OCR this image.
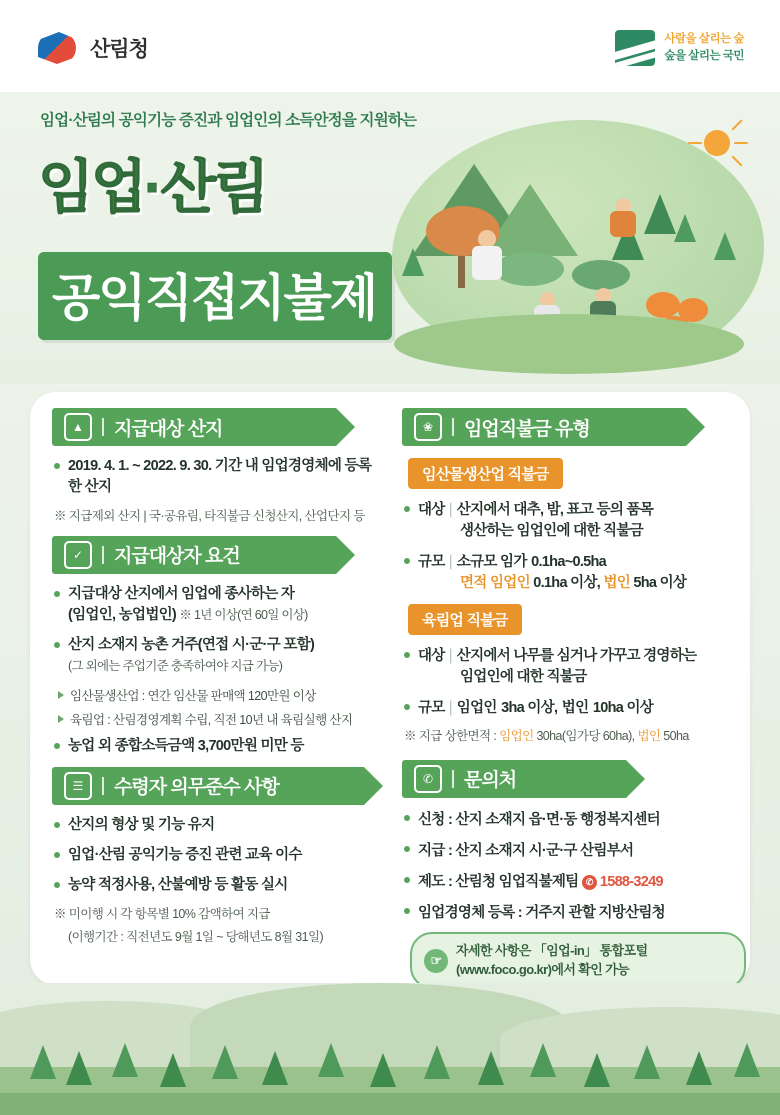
산림청	사람을 살리는 숲
숲을 살리는 국민
임업·산림의 공익기능 증진과 임업인의 소득안정을 지원하는
임업·산림
공익직접지불제
▲	지급대상 산지
2019. 4. 1. ~ 2022. 9. 30. 기간 내 임업경영체에 등록한 산지
※ 지급제외 산지 | 국·공유림, 타직불금 신청산지, 산업단지 등
✓	지급대상자 요건
지급대상 산지에서 임업에 종사하는 자
(임업인, 농업법인) ※ 1년 이상(연 60일 이상)
산지 소재지 농촌 거주(연접 시·군·구 포함)
(그 외에는 주업기준 충족하여야 지급 가능)
임산물생산업 : 연간 임산물 판매액 120만원 이상
육림업 : 산림경영계획 수립, 직전 10년 내 육림실행 산지
농업 외 종합소득금액 3,700만원 미만 등
☰	수령자 의무준수 사항
산지의 형상 및 기능 유지
임업·산림 공익기능 증진 관련 교육 이수
농약 적정사용, 산불예방 등 활동 실시
※ 미이행 시 각 항목별 10% 감액하여 지급
(이행기간 : 직전년도 9월 1일 ~ 당해년도 8월 31일)
❀	임업직불금 유형
임산물생산업 직불금
대상 | 산지에서 대추, 밤, 표고 등의 품목
생산하는 임업인에 대한 직불금
규모 | 소규모 임가 0.1ha~0.5ha
면적 임업인 0.1ha 이상, 법인 5ha 이상
육림업 직불금
대상 | 산지에서 나무를 심거나 가꾸고 경영하는
임업인에 대한 직불금
규모 | 임업인 3ha 이상, 법인 10ha 이상
※ 지급 상한면적 : 임업인 30ha(임가당 60ha), 법인 50ha
✆	문의처
신청 : 산지 소재지 읍·면·동 행정복지센터
지급 : 산지 소재지 시·군·구 산림부서
제도 : 산림청 임업직불제팀 ✆ 1588-3249
임업경영체 등록 : 거주지 관할 지방산림청
☞
자세한 사항은 「임업-in」 통합포털
(www.foco.go.kr)에서 확인 가능
